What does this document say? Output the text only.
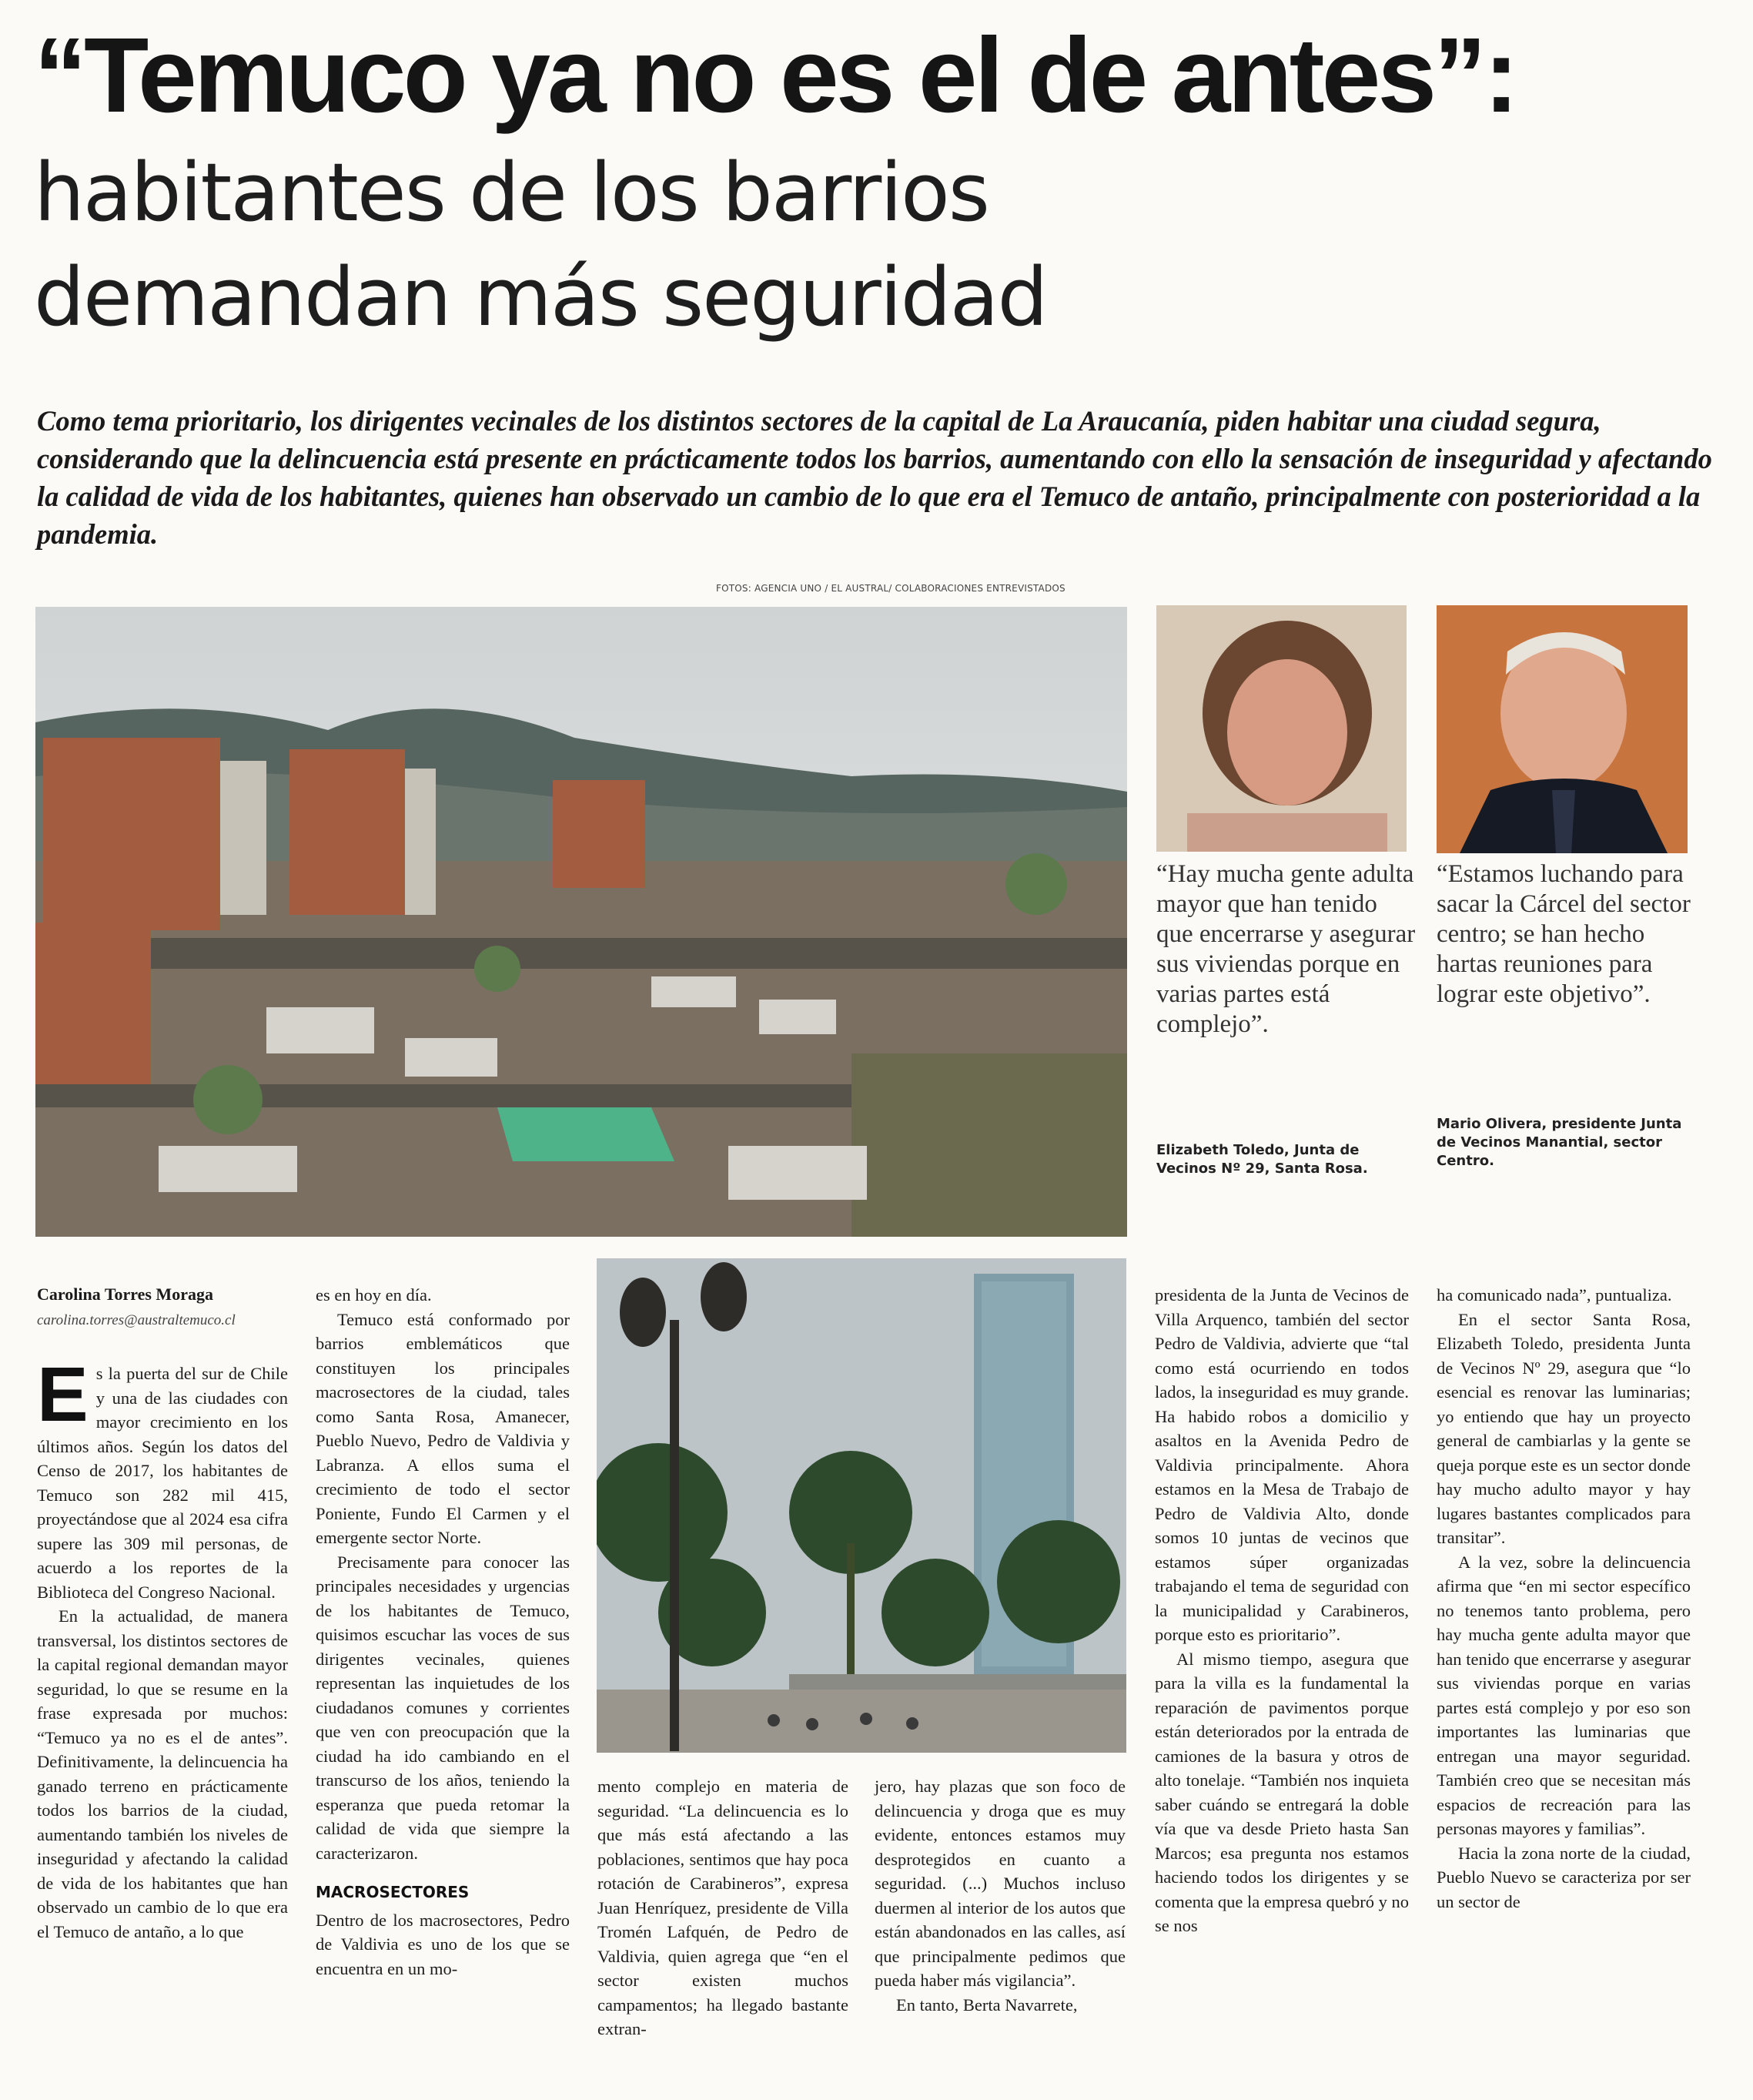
“Temuco ya no es el de antes”:
habitantes de los barrios
demandan más seguridad
Como tema prioritario, los dirigentes vecinales de los distintos sectores de la capital de La Araucanía, piden habitar una ciudad segura, considerando que la delincuencia está presente en prácticamente todos los barrios, aumentando con ello la sensación de inseguridad y afectando la calidad de vida de los habitantes, quienes han observado un cambio de lo que era el Temuco de antaño, principalmente con posterioridad a la pandemia.
FOTOS: AGENCIA UNO / EL AUSTRAL/ COLABORACIONES ENTREVISTADOS
“Hay mucha gente adulta mayor que han tenido que encerrarse y asegurar sus viviendas porque en varias partes está complejo”.
Elizabeth Toledo, Junta de Vecinos Nº 29, Santa Rosa.
“Estamos luchando para sacar la Cárcel del sector centro; se han hecho hartas reuniones para lograr este objetivo”.
Mario Olivera, presidente Junta de Vecinos Manantial, sector Centro.
Carolina Torres Moraga
carolina.torres@australtemuco.cl

Es la puerta del sur de Chile y una de las ciudades con mayor crecimiento en los últimos años. Según los datos del Censo de 2017, los habitantes de Temuco son 282 mil 415, proyectándose que al 2024 esa cifra supere las 309 mil personas, de acuerdo a los reportes de la Biblioteca del Congreso Nacional.

En la actualidad, de manera transversal, los distintos sectores de la capital regional demandan mayor seguridad, lo que se resume en la frase expresada por muchos: “Temuco ya no es el de antes”. Definitivamente, la delincuencia ha ganado terreno en prácticamente todos los barrios de la ciudad, aumentando también los niveles de inseguridad y afectando la calidad de vida de los habitantes que han observado un cambio de lo que era el Temuco de antaño, a lo que

es en hoy en día.

Temuco está conformado por barrios emblemáticos que constituyen los principales macrosectores de la ciudad, tales como Santa Rosa, Amanecer, Pueblo Nuevo, Pedro de Valdivia y Labranza. A ellos suma el crecimiento de todo el sector Poniente, Fundo El Carmen y el emergente sector Norte.

Precisamente para conocer las principales necesidades y urgencias de los habitantes de Temuco, quisimos escuchar las voces de sus dirigentes vecinales, quienes representan las inquietudes de los ciudadanos comunes y corrientes que ven con preocupación que la ciudad ha ido cambiando en el transcurso de los años, teniendo la esperanza que pueda retomar la calidad de vida que siempre la caracterizaron.

MACROSECTORES

Dentro de los macrosectores, Pedro de Valdivia es uno de los que se encuentra en un mo-

mento complejo en materia de seguridad. “La delincuencia es lo que más está afectando a las poblaciones, sentimos que hay poca rotación de Carabineros”, expresa Juan Henríquez, presidente de Villa Tromén Lafquén, de Pedro de Valdivia, quien agrega que “en el sector existen muchos campamentos; ha llegado bastante extran-

jero, hay plazas que son foco de delincuencia y droga que es muy evidente, entonces estamos muy desprotegidos en cuanto a seguridad. (...) Muchos incluso duermen al interior de los autos que están abandonados en las calles, así que principalmente pedimos que pueda haber más vigilancia”.

En tanto, Berta Navarrete,

presidenta de la Junta de Vecinos de Villa Arquenco, también del sector Pedro de Valdivia, advierte que “tal como está ocurriendo en todos lados, la inseguridad es muy grande. Ha habido robos a domicilio y asaltos en la Avenida Pedro de Valdivia principalmente. Ahora estamos en la Mesa de Trabajo de Pedro de Valdivia Alto, donde somos 10 juntas de vecinos que estamos súper organizadas trabajando el tema de seguridad con la municipalidad y Carabineros, porque esto es prioritario”.

Al mismo tiempo, asegura que para la villa es la fundamental la reparación de pavimentos porque están deteriorados por la entrada de camiones de la basura y otros de alto tonelaje. “También nos inquieta saber cuándo se entregará la doble vía que va desde Prieto hasta San Marcos; esa pregunta nos estamos haciendo todos los dirigentes y se comenta que la empresa quebró y no se nos

ha comunicado nada”, puntualiza.

En el sector Santa Rosa, Elizabeth Toledo, presidenta Junta de Vecinos Nº 29, asegura que “lo esencial es renovar las luminarias; yo entiendo que hay un proyecto general de cambiarlas y la gente se queja porque este es un sector donde hay mucho adulto mayor y hay lugares bastantes complicados para transitar”.

A la vez, sobre la delincuencia afirma que “en mi sector específico no tenemos tanto problema, pero hay mucha gente adulta mayor que han tenido que encerrarse y asegurar sus viviendas porque en varias partes está complejo y por eso son importantes las luminarias que entregan una mayor seguridad. También creo que se necesitan más espacios de recreación para las personas mayores y familias”.

Hacia la zona norte de la ciudad, Pueblo Nuevo se caracteriza por ser un sector de
